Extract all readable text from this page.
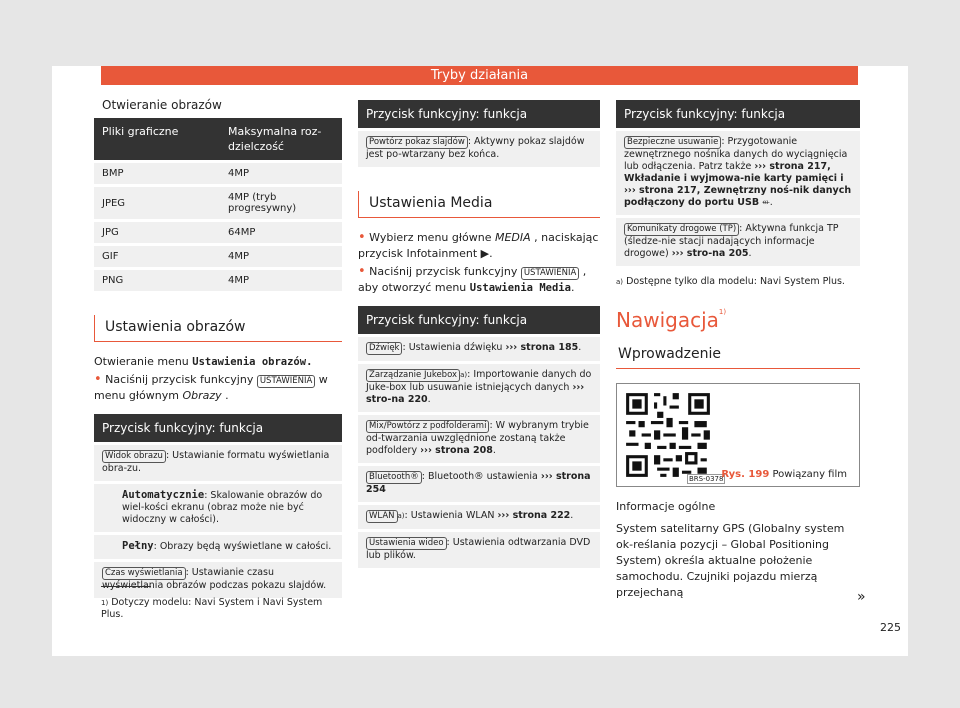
Tryby działania
Otwieranie obrazów
Pliki graficzne	Maksymalna roz-dzielczość
BMP	4MP
JPEG	4MP (tryb progresywny)
JPG	64MP
GIF	4MP
PNG	4MP
Ustawienia obrazów

Otwieranie menu Ustawienia obrazów.

• Naciśnij przycisk funkcyjny USTAWIENIA w menu głównym Obrazy .

Przycisk funkcyjny: funkcja
Widok obrazu : Ustawianie formatu wyświetlania obra-zu.
Automatycznie: Skalowanie obrazów do wiel-kości ekranu (obraz może nie być widoczny w całości).
Pełny: Obrazy będą wyświetlane w całości.
Czas wyświetlania : Ustawianie czasu wyświetlania obrazów podczas pokazu slajdów.
$^{1)}$ Dotyczy modelu: Navi System i Navi System Plus.
Przycisk funkcyjny: funkcja
Powtórz pokaz slajdów : Aktywny pokaz slajdów jest po-wtarzany bez końca.
Ustawienia Media

• Wybierz menu główne MEDIA , naciskając przycisk Infotainment ▶.

• Naciśnij przycisk funkcyjny USTAWIENIA , aby otworzyć menu Ustawienia Media.

Przycisk funkcyjny: funkcja
Dźwięk : Ustawienia dźwięku ››› strona 185.
Zarządzanie Jukebox $^{a)}$: Importowanie danych do Juke-box lub usuwanie istniejących danych ››› stro-na 220.
Mix/Powtórz z podfolderami : W wybranym trybie od-twarzania uwzględnione zostaną także podfoldery ››› strona 208.
Bluetooth® : Bluetooth® ustawienia ››› strona 254
WLAN $^{a)}$: Ustawienia WLAN ››› strona 222.
Ustawienia wideo : Ustawienia odtwarzania DVD lub plików.
Przycisk funkcyjny: funkcja
Bezpieczne usuwanie : Przygotowanie zewnętrznego nośnika danych do wyciągnięcia lub odłączenia. Patrz także ››› strona 217, Wkładanie i wyjmowa-nie karty pamięci i ››› strona 217, Zewnętrzny noś-nik danych podłączony do portu USB ⬴.
Komunikaty drogowe (TP) : Aktywna funkcja TP (śledze-nie stacji nadających informacje drogowe) ››› stro-na 205.
$^{a)}$ Dostępne tylko dla modelu: Navi System Plus.
Nawigacja$^{1)}$
Wprowadzenie
BRS-0378
Rys. 199 Powiązany film
Informacje ogólne
System satelitarny GPS (Globalny system ok-reślania pozycji – Global Positioning System) określa aktualne położenie samochodu. Czujniki pojazdu mierzą przejechaną	»
225
